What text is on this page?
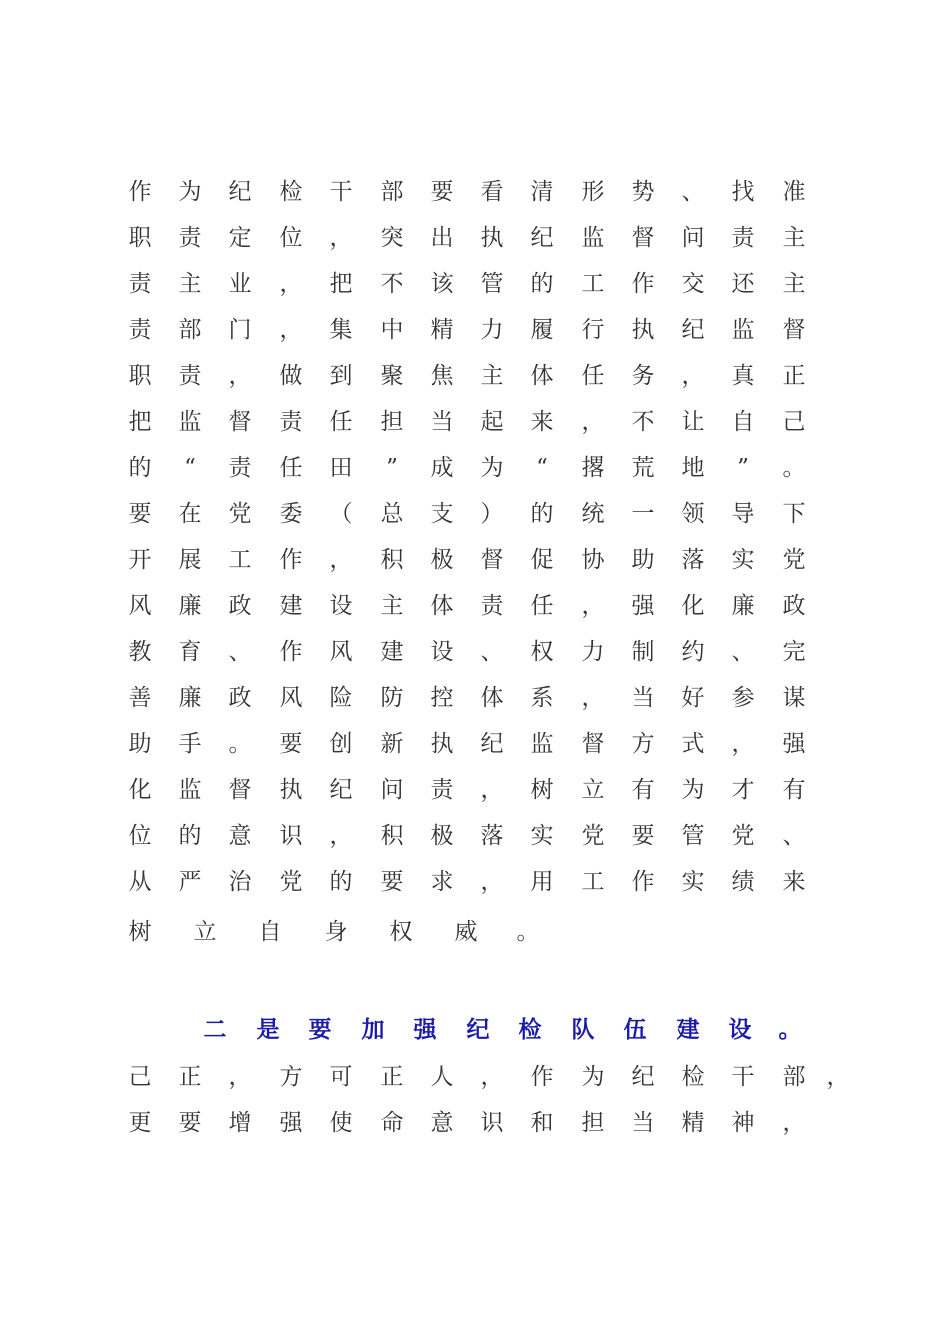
作 为 纪 检 干 部 要 看 清 形 势 、 找 准
职 责 定 位 ， 突 出 执 纪 监 督 问 责 主
责 主 业 ， 把 不 该 管 的 工 作 交 还 主
责 部 门 ， 集 中 精 力 履 行 执 纪 监 督
职 责 ， 做 到 聚 焦 主 体 任 务 ， 真 正
把 监 督 责 任 担 当 起 来 ， 不 让 自 己
的	“	责 任 田	”	成 为	“	撂 荒 地	”	。
要 在 党 委 （ 总 支 ） 的 统 一 领 导 下
开 展 工 作 ， 积 极 督 促 协 助 落 实 党
风 廉 政 建 设 主 体 责 任 ， 强 化 廉 政
教 育 、 作 风 建 设 、 权 力 制 约 、 完
善 廉 政 风 险 防 控 体 系 ， 当 好 参 谋
助 手 。 要 创 新 执 纪 监 督 方 式 ， 强
化 监 督 执 纪 问 责 ， 树 立 有 为 才 有
位 的 意 识 ， 积 极 落 实 党 要 管 党 、
从 严 治 党 的 要 求 ， 用 工 作 实 绩 来
树 立 自 身 权 威 。
二 是 要 加 强 纪 检 队 伍 建 设 。
己 正 ， 方 可 正 人 ， 作 为 纪 检 干 部 ，
更 要 增 强 使 命 意 识 和 担 当 精 神 ，
